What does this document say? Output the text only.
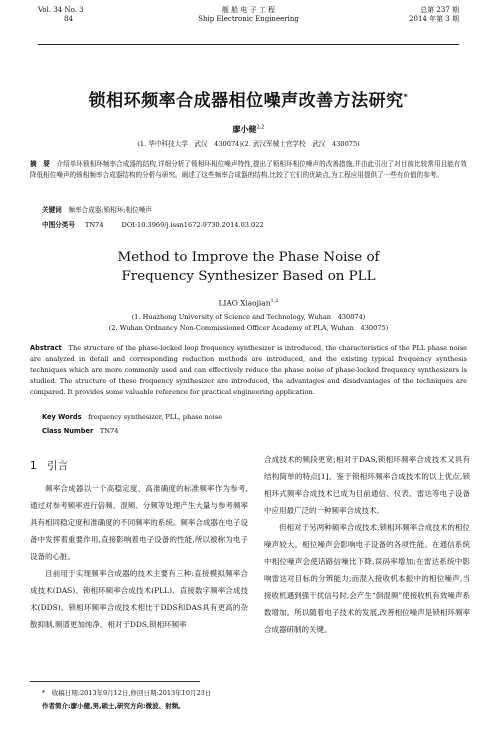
Vol. 34 No. 3
84
舰 船 电 子 工 程
Ship Electronic Engineering
总第 237 期
2014 年第 3 期
锁相环频率合成器相位噪声改善方法研究*
廖小健$^{1,2}$
(1. 华中科技大学　武汉　430074)(2. 武汉军械士官学校　武汉　430075)
摘　要　 介绍单环锁相环频率合成器的结构,详细分析了锁相环相位噪声特性,提出了锁相环相位噪声的改善措施,并由此引出了对目前比较常用且能有效降低相位噪声的锁相频率合成器结构的分析与研究。阐述了这些频率合成器的结构,比较了它们的优缺点,为工程应用提供了一些有价值的参考。
关键词　 频率合成器;锁相环;相位噪声
中图分类号 TN74	DOI:10.3969/j.issn1672-9730.2014.03.022
Method to Improve the Phase Noise of
Frequency Synthesizer Based on PLL
LIAO Xiaojian$^{1,2}$
(1. Huazhong University of Science and Technology, Wuhan　430074)
(2. Wuhan Ordnancy Non-Commissioned Officer Academy of PLA, Wuhan　430075)
Abstract　 The structure of the phase-locked loop frequency synthesizer is introduced, the characteristics of the PLL phase noise are analyzed in detail and corresponding reduction methods are introduced, and the existing typical frequency synthesis techniques which are more commonly used and can effectively reduce the phase noise of phase-locked frequency synthesizers is studied. The structure of these frequency synthesizer are introduced, the advantages and disadvantages of the techniques are compared. It provides some valuable reference for practical engineering application.
Key Words　 frequency synthesizer, PLL, phase noise
Class Number　 TN74
1　引言

频率合成器以一个高稳定度、高准确度的标准频率作为参考,通过对参考频率进行倍频、混频、分频等处理产生大量与参考频率具有相同稳定度和准确度的不同频率的系统。频率合成器在电子设备中发挥着重要作用,直接影响着电子设备的性能,所以被称为电子设备的心脏。

目前用于实现频率合成器的技术主要有三种:直接模拟频率合成技术(DAS)、锁相环频率合成技术(PLL)、直接数字频率合成技术(DDS)。锁相环频率合成技术相比于DDS和DAS具有更高的杂散抑制,频谱更加纯净。相对于DDS,锁相环频率

合成技术的频段更宽;相对于DAS,锁相环频率合成技术又具有结构简单的特点[1]。鉴于锁相环频率合成技术的以上优点,锁相环式频率合成技术已成为目前通信、仪表、雷达等电子设备中应用最广泛的一种频率合成技术。

但相对于另两种频率合成技术,锁相环频率合成技术的相位噪声较大。相位噪声会影响电子设备的各项性能。在通信系统中相位噪声会使话路信噪比下降,误码率增加;在雷达系统中影响雷达对目标的分辨能力;而混入接收机本振中的相位噪声,当接收机遇到强干扰信号时,会产生“倒混频”使接收机有效噪声系数增加。所以随着电子技术的发展,改善相位噪声是锁相环频率合成器研制的关键。

*　收稿日期:2013年9月12日,修回日期:2013年10月23日
作者简介:廖小健,男,硕士,研究方向:微波、射频。
